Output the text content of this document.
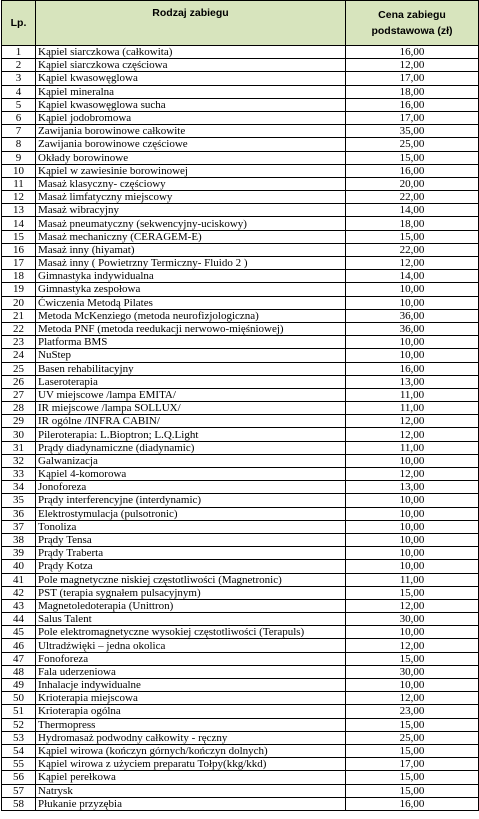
Lp.	Rodzaj zabiegu	Cena zabiegu
podstawowa (zł)
1	Kąpiel siarczkowa (całkowita)	16,00
2	Kąpiel siarczkowa częściowa	12,00
3	Kąpiel kwasowęglowa	17,00
4	Kąpiel mineralna	18,00
5	Kąpiel kwasowęglowa sucha	16,00
6	Kąpiel jodobromowa	17,00
7	Zawijania borowinowe całkowite	35,00
8	Zawijania borowinowe częściowe	25,00
9	Okłady borowinowe	15,00
10	Kąpiel w zawiesinie borowinowej	16,00
11	Masaż klasyczny- częściowy	20,00
12	Masaż limfatyczny miejscowy	22,00
13	Masaż wibracyjny	14,00
14	Masaż pneumatyczny (sekwencyjny-uciskowy)	18,00
15	Masaż mechaniczny (CERAGEM-E)	15,00
16	Masaż inny (hiyamat)	22,00
17	Masaż inny ( Powietrzny Termiczny- Fluido 2 )	12,00
18	Gimnastyka indywidualna	14,00
19	Gimnastyka zespołowa	10,00
20	Ćwiczenia Metodą Pilates	10,00
21	Metoda McKenziego (metoda neurofizjologiczna)	36,00
22	Metoda PNF (metoda reedukacji nerwowo-mięśniowej)	36,00
23	Platforma BMS	10,00
24	NuStep	10,00
25	Basen rehabilitacyjny	16,00
26	Laseroterapia	13,00
27	UV miejscowe /lampa EMITA/	11,00
28	IR miejscowe /lampa SOLLUX/	11,00
29	IR ogólne /INFRA CABIN/	12,00
30	Pileroterapia: L.Bioptron; L.Q.Light	12,00
31	Prądy diadynamiczne (diadynamic)	11,00
32	Galwanizacja	10,00
33	Kąpiel 4-komorowa	12,00
34	Jonoforeza	13,00
35	Prądy interferencyjne (interdynamic)	10,00
36	Elektrostymulacja (pulsotronic)	10,00
37	Tonoliza	10,00
38	Prądy Tensa	10,00
39	Prądy Traberta	10,00
40	Prądy Kotza	10,00
41	Pole magnetyczne niskiej częstotliwości (Magnetronic)	11,00
42	PST (terapia sygnałem pulsacyjnym)	15,00
43	Magnetoledoterapia (Unittron)	12,00
44	Salus Talent	30,00
45	Pole elektromagnetyczne wysokiej częstotliwości (Terapuls)	10,00
46	Ultradźwięki – jedna okolica	12,00
47	Fonoforeza	15,00
48	Fala uderzeniowa	30,00
49	Inhalacje indywidualne	10,00
50	Krioterapia miejscowa	12,00
51	Krioterapia ogólna	23,00
52	Thermopress	15,00
53	Hydromasaż podwodny całkowity - ręczny	25,00
54	Kąpiel wirowa (kończyn górnych/kończyn dolnych)	15,00
55	Kąpiel wirowa z użyciem preparatu Tołpy(kkg/kkd)	17,00
56	Kąpiel perełkowa	15,00
57	Natrysk	15,00
58	Płukanie przyzębia	16,00
